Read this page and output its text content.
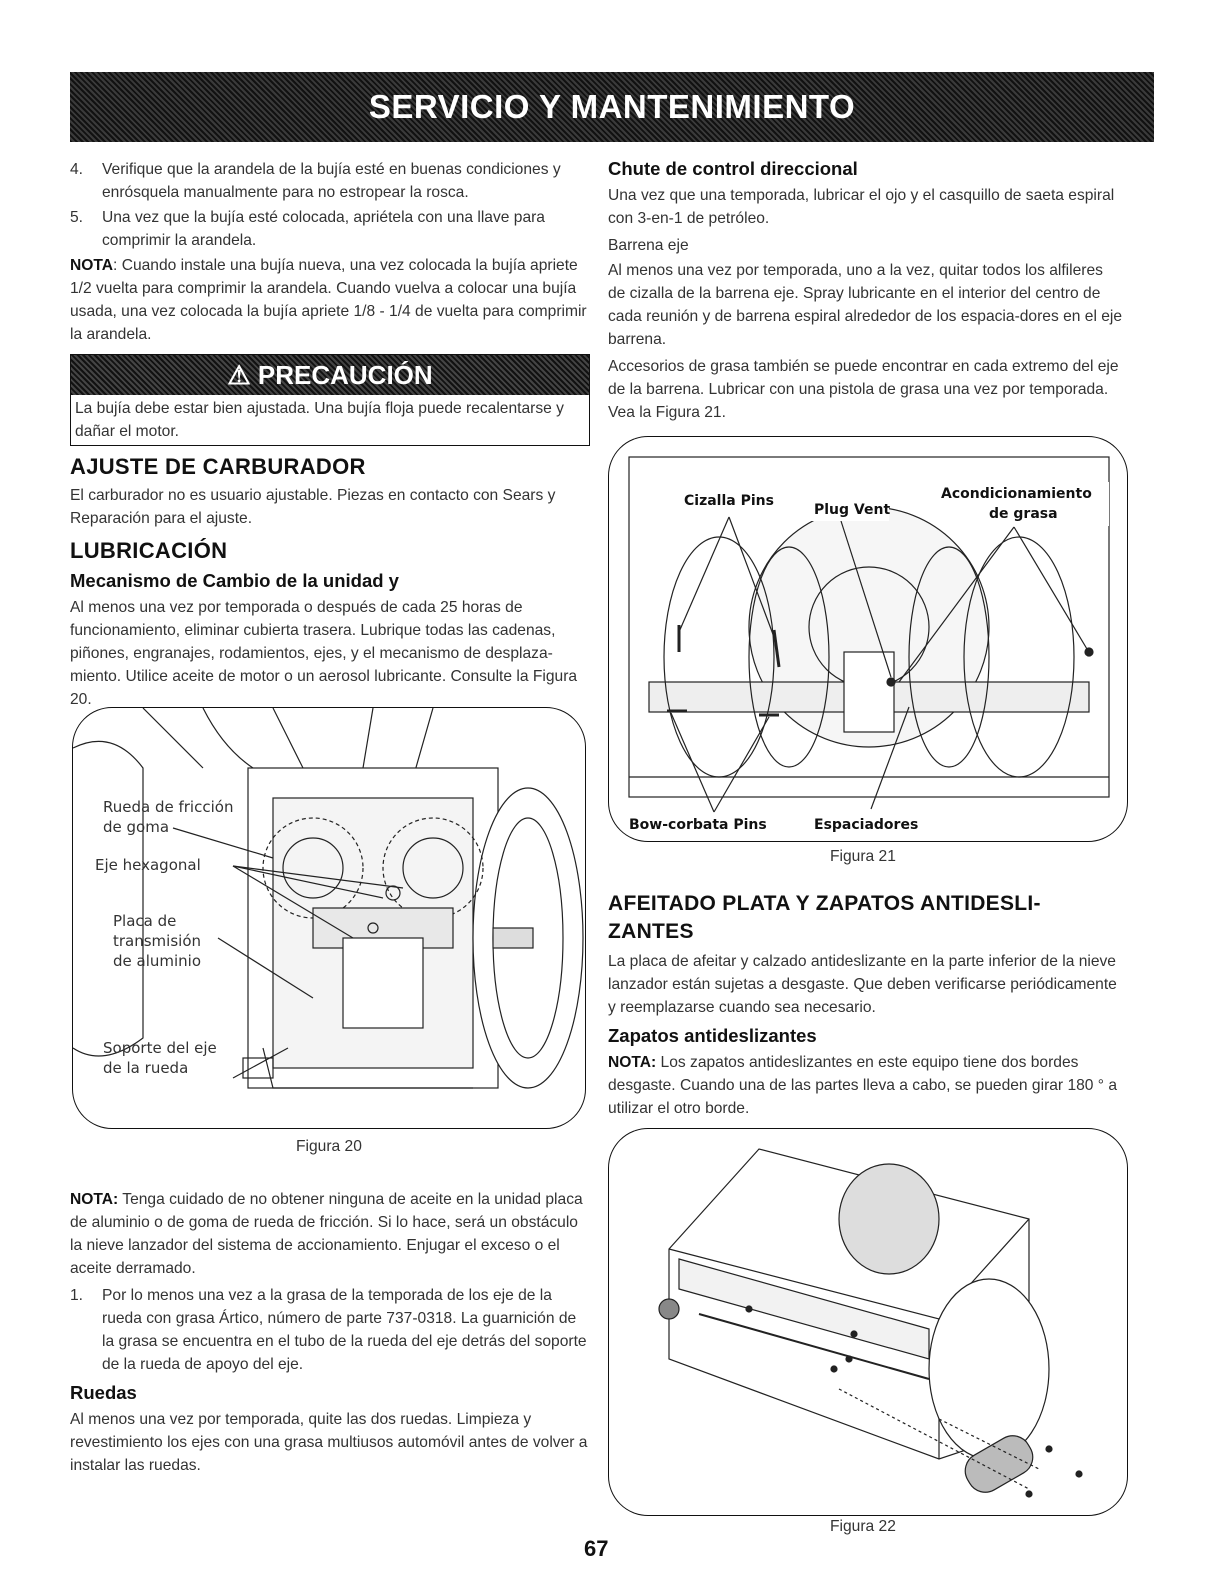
SERVICIO Y MANTENIMIENTO
4.	Verifique que la arandela de la bujía esté en buenas condiciones y enrósquela manualmente para no estropear la rosca.
5.	Una vez que la bujía esté colocada, apriétela con una llave para comprimir la arandela.

NOTA: Cuando instale una bujía nueva, una vez colocada la bujía apriete 1/2 vuelta para comprimir la arandela. Cuando vuelva a colocar una bujía usada, una vez colocada la bujía apriete 1/8 - 1/4 de vuelta para comprimir la arandela.

⚠ PRECAUCIÓN

La bujía debe estar bien ajustada. Una bujía floja puede recalentarse y dañar el motor.

AJUSTE DE CARBURADOR

El carburador no es usuario ajustable. Piezas en contacto con Sears y Reparación para el ajuste.

LUBRICACIÓN
Mecanismo de Cambio de la unidad y

Al menos una vez por temporada o después de cada 25 horas de funcionamiento, eliminar cubierta trasera. Lubrique todas las cadenas, piñones, engranajes, rodamientos, ejes, y el mecanismo de desplaza-miento. Utilice aceite de motor o un aerosol lubricante. Consulte la Figura 20.

Rueda de fricción
de goma
Eje hexagonal
Placa de
transmisión
de aluminio
Soporte del eje
de la rueda
Figura 20

NOTA: Tenga cuidado de no obtener ninguna de aceite en la unidad placa de aluminio o de goma de rueda de fricción. Si lo hace, será un obstáculo la nieve lanzador del sistema de accionamiento. Enjugar el exceso o el aceite derramado.

1.	Por lo menos una vez a la grasa de la temporada de los eje de la rueda con grasa Ártico, número de parte 737-0318. La guarnición de la grasa se encuentra en el tubo de la rueda del eje detrás del soporte de la rueda de apoyo del eje.
Ruedas

Al menos una vez por temporada, quite las dos ruedas. Limpieza y revestimiento los ejes con una grasa multiusos automóvil antes de volver a instalar las ruedas.

Chute de control direccional

Una vez que una temporada, lubricar el ojo y el casquillo de saeta espiral con 3-en-1 de petróleo.

Barrena eje

Al menos una vez por temporada, uno a la vez, quitar todos los alfileres de cizalla de la barrena eje. Spray lubricante en el interior del centro de cada reunión y de barrena espiral alrededor de los espacia-dores en el eje barrena.

Accesorios de grasa también se puede encontrar en cada extremo del eje de la barrena. Lubricar con una pistola de grasa una vez por temporada. Vea la Figura 21.

Cizalla Pins
Plug Vent
Acondicionamiento
de grasa
Bow-corbata Pins	Espaciadores
Figura 21
AFEITADO PLATA Y ZAPATOS ANTIDESLI-ZANTES

La placa de afeitar y calzado antideslizante en la parte inferior de la nieve lanzador están sujetas a desgaste. Que deben verificarse periódicamente y reemplazarse cuando sea necesario.

Zapatos antideslizantes

NOTA: Los zapatos antideslizantes en este equipo tiene dos bordes desgaste. Cuando una de las partes lleva a cabo, se pueden girar 180 ° a utilizar el otro borde.

Figura 22
67
